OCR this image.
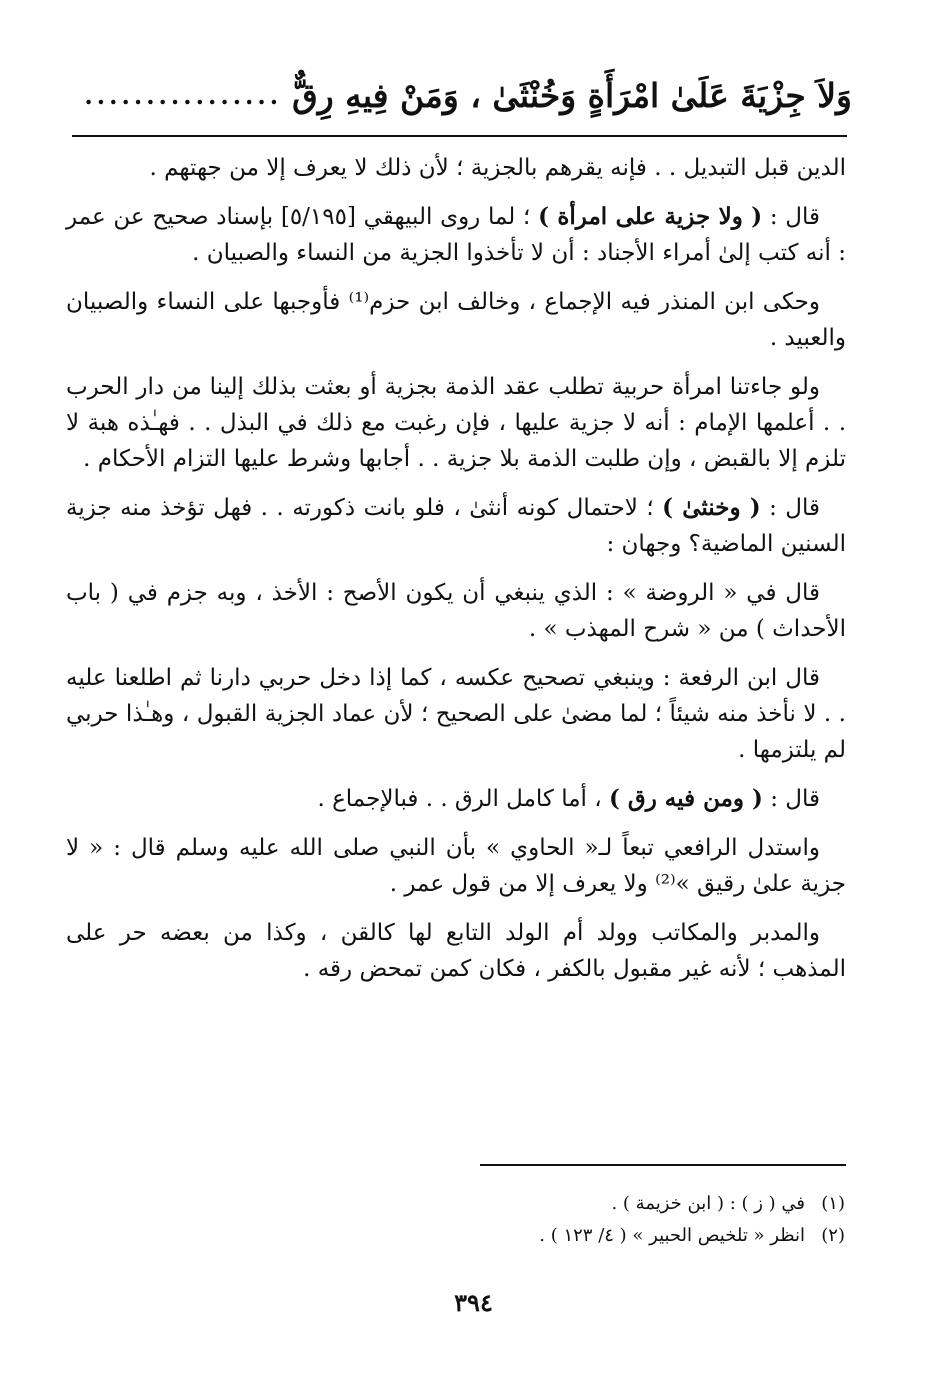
وَلاَ جِزْيَةَ عَلَىٰ امْرَأَةٍ وَخُنْثَىٰ ، وَمَنْ فِيهِ رِقٌّ
................

الدين قبل التبديل . . فإنه يقرهم بالجزية ؛ لأن ذلك لا يعرف إلا من جهتهم .

قال : ( ولا جزية على امرأة ) ؛ لما روى البيهقي [٥/١٩٥] بإسناد صحيح عن عمر : أنه كتب إلىٰ أمراء الأجناد : أن لا تأخذوا الجزية من النساء والصبيان .

وحكى ابن المنذر فيه الإجماع ، وخالف ابن حزم⁽¹⁾ فأوجبها على النساء والصبيان والعبيد .

ولو جاءتنا امرأة حربية تطلب عقد الذمة بجزية أو بعثت بذلك إلينا من دار الحرب . . أعلمها الإمام : أنه لا جزية عليها ، فإن رغبت مع ذلك في البذل . . فهـٰذه هبة لا تلزم إلا بالقبض ، وإن طلبت الذمة بلا جزية . . أجابها وشرط عليها التزام الأحكام .

قال : ( وخنثىٰ ) ؛ لاحتمال كونه أنثىٰ ، فلو بانت ذكورته . . فهل تؤخذ منه جزية السنين الماضية؟ وجهان :

قال في « الروضة » : الذي ينبغي أن يكون الأصح : الأخذ ، وبه جزم في ( باب الأحداث ) من « شرح المهذب » .

قال ابن الرفعة : وينبغي تصحيح عكسه ، كما إذا دخل حربي دارنا ثم اطلعنا عليه . . لا نأخذ منه شيئاً ؛ لما مضىٰ على الصحيح ؛ لأن عماد الجزية القبول ، وهـٰذا حربي لم يلتزمها .

قال : ( ومن فيه رق ) ، أما كامل الرق . . فبالإجماع .

واستدل الرافعي تبعاً لـ« الحاوي » بأن النبي صلى الله عليه وسلم قال : « لا جزية علىٰ رقيق »⁽²⁾ ولا يعرف إلا من قول عمر .

والمدبر والمكاتب وولد أم الولد التابع لها كالقن ، وكذا من بعضه حر على المذهب ؛ لأنه غير مقبول بالكفر ، فكان كمن تمحض رقه .

(١)
في ( ز ) : ( ابن خزيمة ) .
(٢)
انظر « تلخيص الحبير » ( ٤/ ١٢٣ ) .
٣٩٤
